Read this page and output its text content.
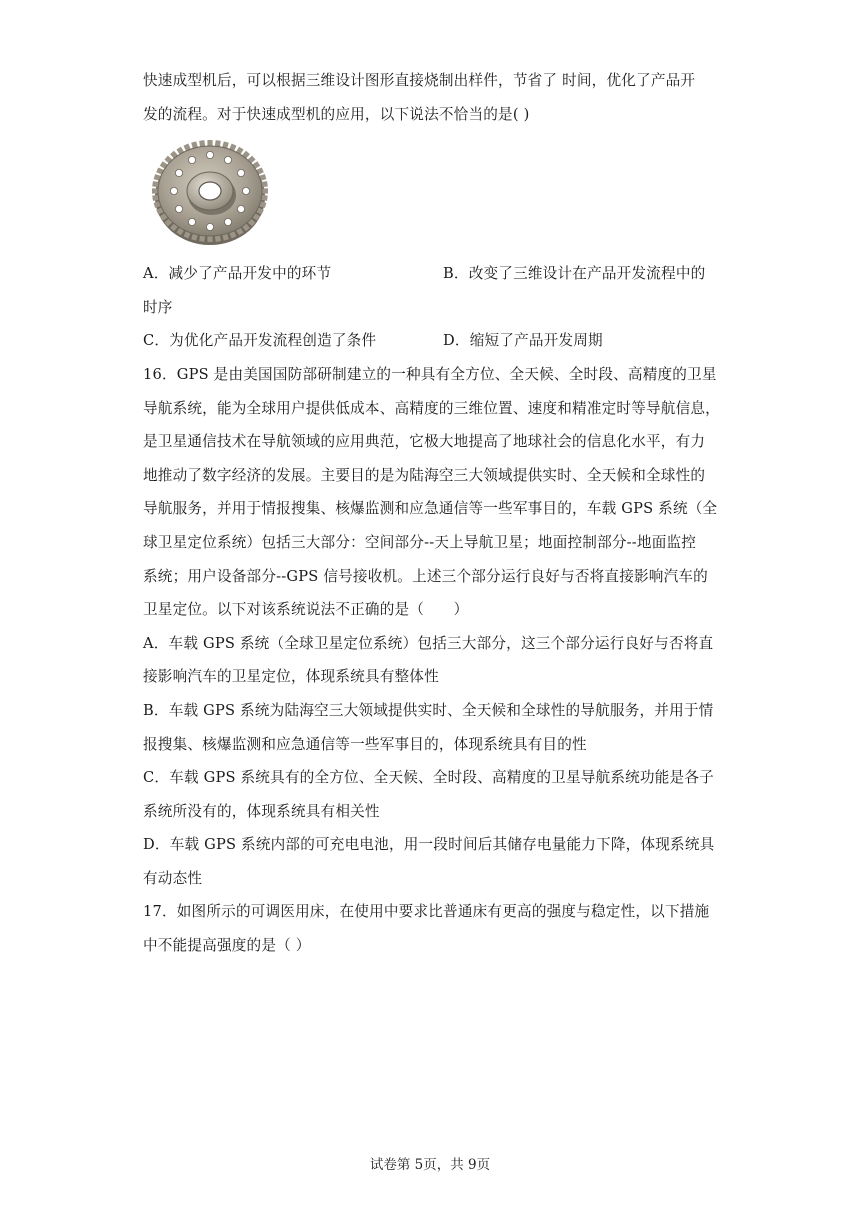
快速成型机后，可以根据三维设计图形直接烧制出样件，节省了 时间，优化了产品开

发的流程。对于快速成型机的应用，以下说法不恰当的是( )

A．减少了产品开发中的环节	B．改变了三维设计在产品开发流程中的

时序

C．为优化产品开发流程创造了条件	D．缩短了产品开发周期

16．GPS 是由美国国防部研制建立的一种具有全方位、全天候、全时段、高精度的卫星

导航系统，能为全球用户提供低成本、高精度的三维位置、速度和精准定时等导航信息，

是卫星通信技术在导航领域的应用典范，它极大地提高了地球社会的信息化水平，有力

地推动了数字经济的发展。主要目的是为陆海空三大领域提供实时、全天候和全球性的

导航服务，并用于情报搜集、核爆监测和应急通信等一些军事目的，车载 GPS 系统（全

球卫星定位系统）包括三大部分：空间部分--天上导航卫星；地面控制部分--地面监控

系统；用户设备部分--GPS 信号接收机。上述三个部分运行良好与否将直接影响汽车的

卫星定位。以下对该系统说法不正确的是（　　）

A．车载 GPS 系统（全球卫星定位系统）包括三大部分，这三个部分运行良好与否将直

接影响汽车的卫星定位，体现系统具有整体性

B．车载 GPS 系统为陆海空三大领域提供实时、全天候和全球性的导航服务，并用于情

报搜集、核爆监测和应急通信等一些军事目的，体现系统具有目的性

C．车载 GPS 系统具有的全方位、全天候、全时段、高精度的卫星导航系统功能是各子

系统所没有的，体现系统具有相关性

D．车载 GPS 系统内部的可充电电池，用一段时间后其储存电量能力下降，体现系统具

有动态性

17．如图所示的可调医用床，在使用中要求比普通床有更高的强度与稳定性，以下措施

中不能提高强度的是（ ）

试卷第 5页，共 9页
